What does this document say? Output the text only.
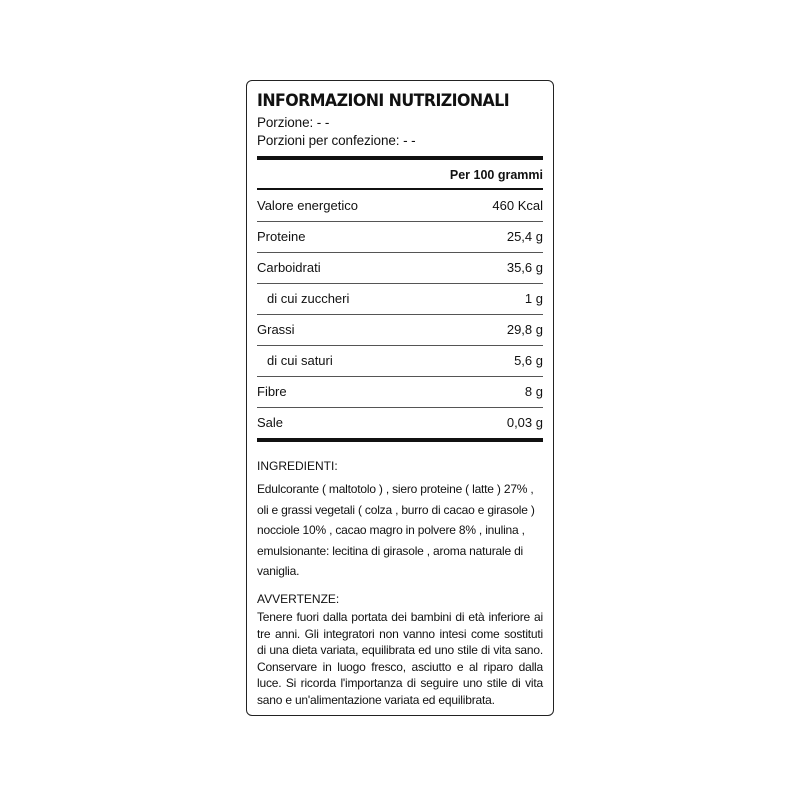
INFORMAZIONI NUTRIZIONALI
Porzione: - -
Porzioni per confezione: - -
Per 100 grammi
Valore energetico	460 Kcal
Proteine	25,4 g
Carboidrati	35,6 g
di cui zuccheri	1 g
Grassi	29,8 g
di cui saturi	5,6 g
Fibre	8 g
Sale	0,03 g
INGREDIENTI:
Edulcorante ( maltotolo ) , siero proteine ( latte ) 27% , oli e grassi vegetali ( colza , burro di cacao e girasole ) nocciole 10% , cacao magro in polvere 8% , inulina , emulsionante: lecitina di girasole , aroma naturale di vaniglia.
AVVERTENZE:
Tenere fuori dalla portata dei bambini di età inferiore ai tre anni. Gli integratori non vanno intesi come sostituti di una dieta variata, equilibrata ed uno stile di vita sano. Conservare in luogo fresco, asciutto e al riparo dalla luce. Si ricorda l'importanza di seguire uno stile di vita sano e un'alimentazione variata ed equilibrata.
